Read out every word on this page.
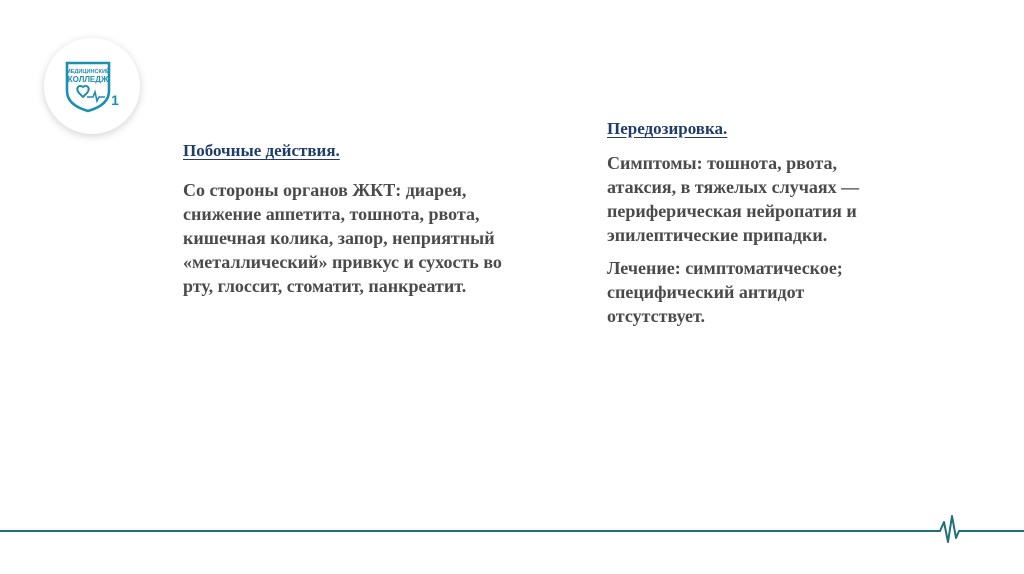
МЕДИЦИНСКИЙ
КОЛЛЕДЖ
1

Побочные действия.

Со стороны органов ЖКТ: диарея,
снижение аппетита, тошнота, рвота,
кишечная колика, запор, неприятный
«металлический» привкус и сухость во
рту, глоссит, стоматит, панкреатит.

Передозировка.

Симптомы: тошнота, рвота,
атаксия, в тяжелых случаях —
периферическая нейропатия и
эпилептические припадки.

Лечение: симптоматическое;
специфический антидот
отсутствует.
